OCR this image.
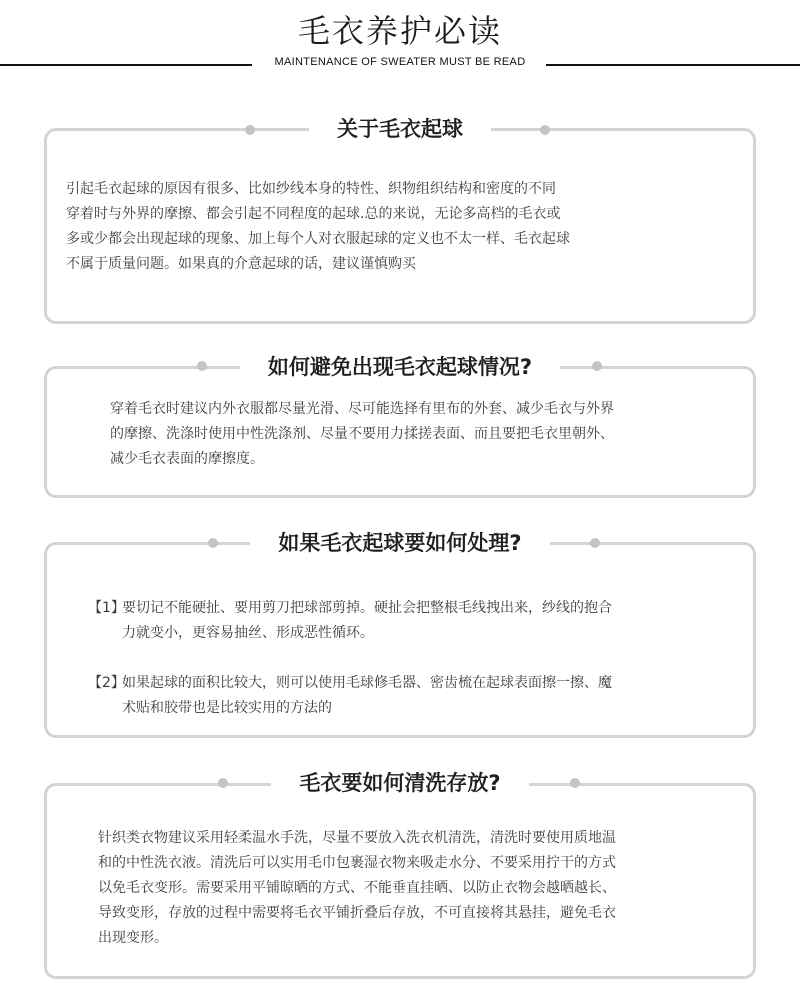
毛衣养护必读
MAINTENANCE OF SWEATER MUST BE READ
关于毛衣起球
引起毛衣起球的原因有很多、比如纱线本身的特性、织物组织结构和密度的不同
穿着时与外界的摩擦、都会引起不同程度的起球.总的来说，无论多高档的毛衣或
多或少都会出现起球的现象、加上每个人对衣服起球的定义也不太一样、毛衣起球
不属于质量问题。如果真的介意起球的话，建议谨慎购买
如何避免出现毛衣起球情况?
穿着毛衣时建议内外衣服都尽量光滑、尽可能选择有里布的外套、减少毛衣与外界
的摩擦、洗涤时使用中性洗涤剂、尽量不要用力揉搓表面、而且要把毛衣里朝外、
减少毛衣表面的摩擦度。
如果毛衣起球要如何处理?
【1】
要切记不能硬扯、要用剪刀把球部剪掉。硬扯会把整根毛线拽出来，纱线的抱合
力就变小，更容易抽丝、形成恶性循环。
【2】
如果起球的面积比较大，则可以使用毛球修毛器、密齿梳在起球表面擦一擦、魔
术贴和胶带也是比较实用的方法的
毛衣要如何清洗存放?
针织类衣物建议采用轻柔温水手洗，尽量不要放入洗衣机清洗，清洗时要使用质地温
和的中性洗衣液。清洗后可以实用毛巾包裹湿衣物来吸走水分、不要采用拧干的方式
以免毛衣变形。需要采用平铺晾晒的方式、不能垂直挂晒、以防止衣物会越晒越长、
导致变形，存放的过程中需要将毛衣平铺折叠后存放，不可直接将其悬挂，避免毛衣
出现变形。
